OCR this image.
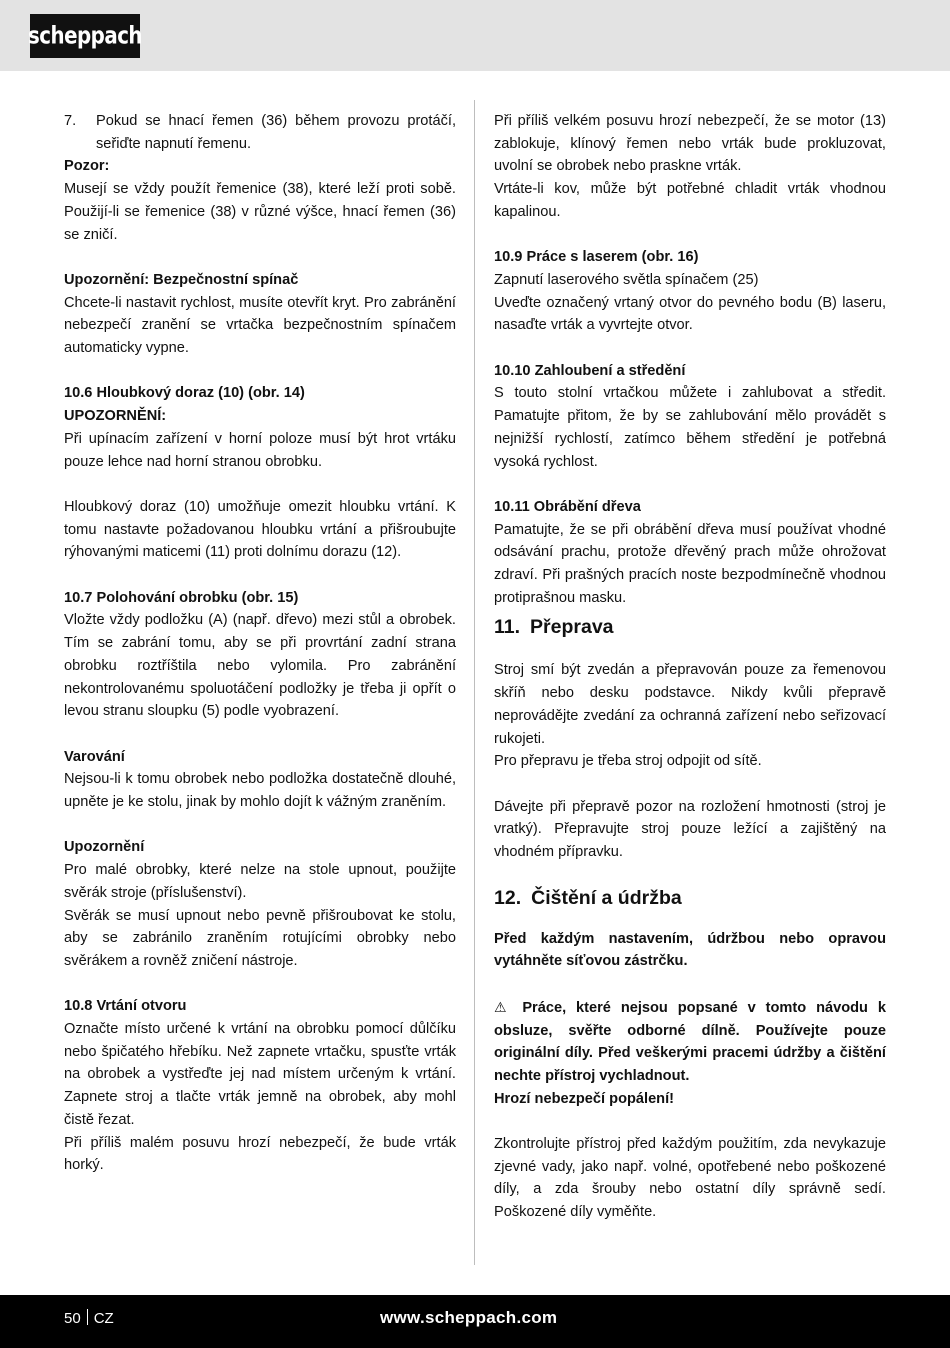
scheppach
7.	Pokud se hnací řemen (36) během provozu protáčí, seřiďte napnutí řemenu.

Pozor:

Musejí se vždy použít řemenice (38), které leží proti sobě. Použijí-li se řemenice (38) v různé výšce, hnací řemen (36) se zničí.

Upozornění: Bezpečnostní spínač

Chcete-li nastavit rychlost, musíte otevřít kryt. Pro zabránění nebezpečí zranění se vrtačka bezpečnostním spínačem automaticky vypne.

10.6 Hloubkový doraz (10) (obr. 14)

UPOZORNĚNÍ:

Při upínacím zařízení v horní poloze musí být hrot vrtáku pouze lehce nad horní stranou obrobku.

Hloubkový doraz (10) umožňuje omezit hloubku vrtání. K tomu nastavte požadovanou hloubku vrtání a přišroubujte rýhovanými maticemi (11) proti dolnímu dorazu (12).

10.7 Polohování obrobku (obr. 15)

Vložte vždy podložku (A) (např. dřevo) mezi stůl a obrobek. Tím se zabrání tomu, aby se při provrtání zadní strana obrobku roztříštila nebo vylomila. Pro zabránění nekontrolovanému spoluotáčení podložky je třeba ji opřít o levou stranu sloupku (5) podle vyobrazení.

Varování

Nejsou-li k tomu obrobek nebo podložka dostatečně dlouhé, upněte je ke stolu, jinak by mohlo dojít k vážným zraněním.

Upozornění

Pro malé obrobky, které nelze na stole upnout, použijte svěrák stroje (příslušenství).

Svěrák se musí upnout nebo pevně přišroubovat ke stolu, aby se zabránilo zraněním rotujícími obrobky nebo svěrákem a rovněž zničení nástroje.

10.8 Vrtání otvoru

Označte místo určené k vrtání na obrobku pomocí důlčíku nebo špičatého hřebíku. Než zapnete vrtačku, spusťte vrták na obrobek a vystřeďte jej nad místem určeným k vrtání. Zapnete stroj a tlačte vrták jemně na obrobek, aby mohl čistě řezat.

Při příliš malém posuvu hrozí nebezpečí, že bude vrták horký.

Při příliš velkém posuvu hrozí nebezpečí, že se motor (13) zablokuje, klínový řemen nebo vrták bude prokluzovat, uvolní se obrobek nebo praskne vrták.

Vrtáte-li kov, může být potřebné chladit vrták vhodnou kapalinou.

10.9 Práce s laserem (obr. 16)

Zapnutí laserového světla spínačem (25)

Uveďte označený vrtaný otvor do pevného bodu (B) laseru, nasaďte vrták a vyvrtejte otvor.

10.10 Zahloubení a středění

S touto stolní vrtačkou můžete i zahlubovat a středit. Pamatujte přitom, že by se zahlubování mělo provádět s nejnižší rychlostí, zatímco během středění je potřebná vysoká rychlost.

10.11 Obrábění dřeva

Pamatujte, že se při obrábění dřeva musí používat vhodné odsávání prachu, protože dřevěný prach může ohrožovat zdraví. Při prašných pracích noste bezpodmínečně vhodnou protiprašnou masku.

11. Přeprava

Stroj smí být zvedán a přepravován pouze za řemenovou skříň nebo desku podstavce. Nikdy kvůli přepravě neprovádějte zvedání za ochranná zařízení nebo seřizovací rukojeti.

Pro přepravu je třeba stroj odpojit od sítě.

Dávejte při přepravě pozor na rozložení hmotnosti (stroj je vratký). Přepravujte stroj pouze ležící a zajištěný na vhodném přípravku.

12. Čištění a údržba

Před každým nastavením, údržbou nebo opravou vytáhněte síťovou zástrčku.

⚠ Práce, které nejsou popsané v tomto návodu k obsluze, svěřte odborné dílně. Používejte pouze originální díly. Před veškerými pracemi údržby a čištění nechte přístroj vychladnout.

Hrozí nebezpečí popálení!

Zkontrolujte přístroj před každým použitím, zda nevykazuje zjevné vady, jako např. volné, opotřebené nebo poškozené díly, a zda šrouby nebo ostatní díly správně sedí. Poškozené díly vyměňte.

50 CZ	www.scheppach.com
